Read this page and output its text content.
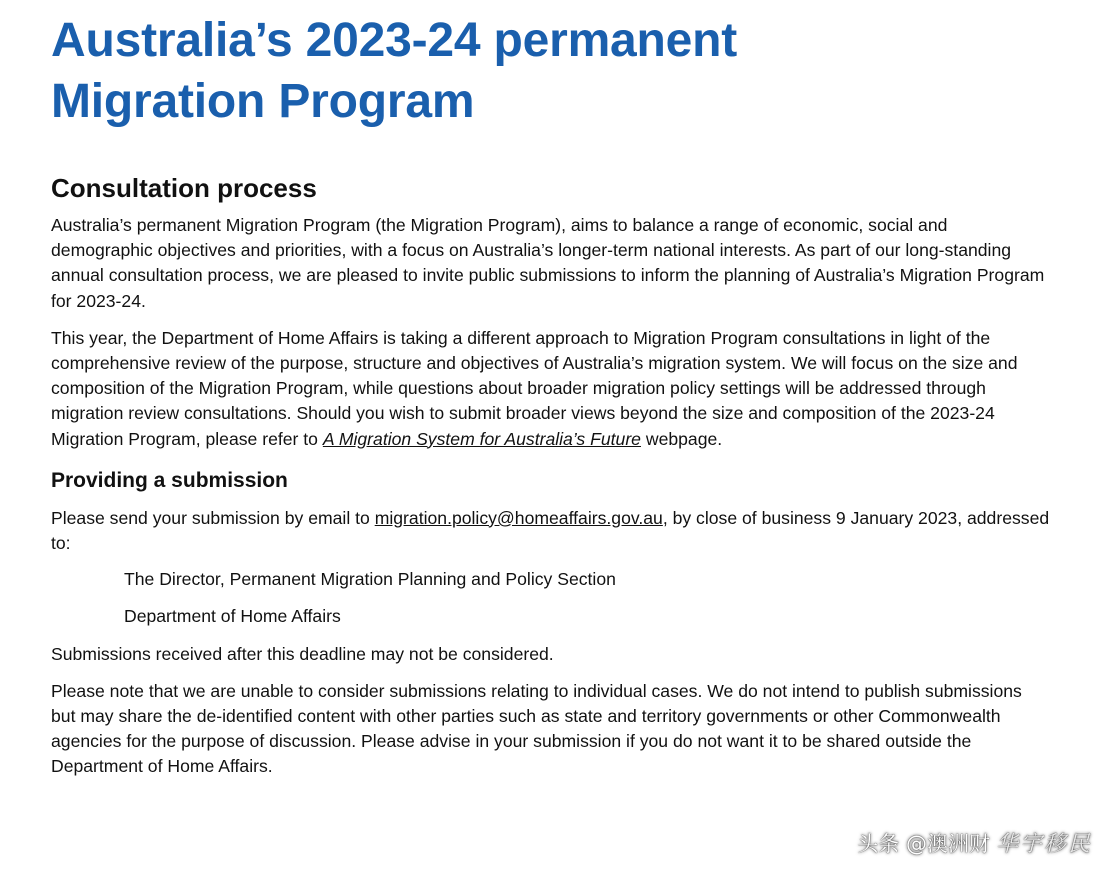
Australia’s 2023-24 permanent
Migration Program
Consultation process

Australia’s permanent Migration Program (the Migration Program), aims to balance a range of economic, social and demographic objectives and priorities, with a focus on Australia’s longer-term national interests. As part of our long-standing annual consultation process, we are pleased to invite public submissions to inform the planning of Australia’s Migration Program for 2023-24.

This year, the Department of Home Affairs is taking a different approach to Migration Program consultations in light of the comprehensive review of the purpose, structure and objectives of Australia’s migration system. We will focus on the size and composition of the Migration Program, while questions about broader migration policy settings will be addressed through migration review consultations. Should you wish to submit broader views beyond the size and composition of the 2023-24 Migration Program, please refer to A Migration System for Australia’s Future webpage.

Providing a submission

Please send your submission by email to migration.policy@homeaffairs.gov.au, by close of business 9 January 2023, addressed to:

The Director, Permanent Migration Planning and Policy Section

Department of Home Affairs

Submissions received after this deadline may not be considered.

Please note that we are unable to consider submissions relating to individual cases. We do not intend to publish submissions but may share the de-identified content with other parties such as state and territory governments or other Commonwealth agencies for the purpose of discussion. Please advise in your submission if you do not want it to be shared outside the Department of Home Affairs.

头条 @澳洲财 华宇移民
